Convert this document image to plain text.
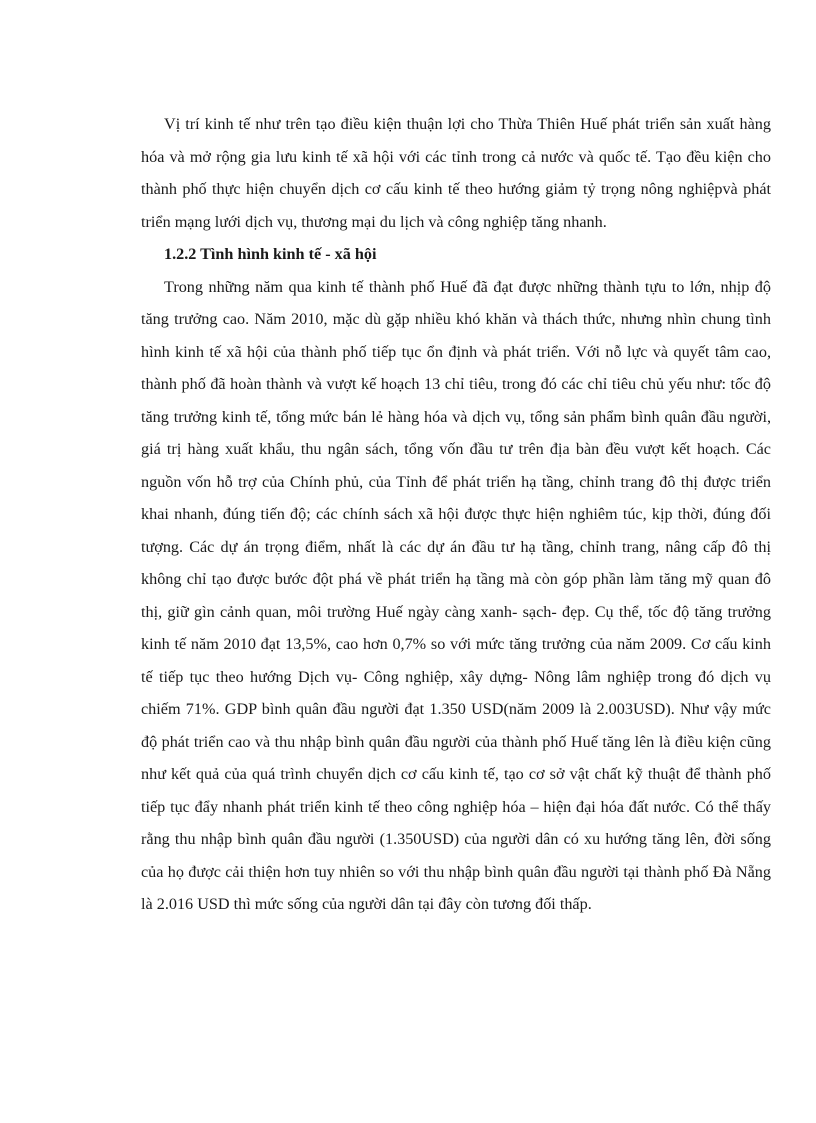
Vị trí kinh tế như trên tạo điều kiện thuận lợi cho Thừa Thiên Huế phát triển sản xuất hàng hóa và mở rộng gia lưu kinh tế xã hội với các tỉnh trong cả nước và quốc tế. Tạo đều kiện cho thành phố thực hiện chuyển dịch cơ cấu kinh tế theo hướng giảm tỷ trọng nông nghiệpvà phát triển mạng lưới dịch vụ, thương mại du lịch và công nghiệp tăng nhanh.

1.2.2 Tình hình kinh tế - xã hội

Trong những năm qua kinh tế thành phố Huế đã đạt được những thành tựu to lớn, nhịp độ tăng trưởng cao. Năm 2010, mặc dù gặp nhiều khó khăn và thách thức, nhưng nhìn chung tình hình kinh tế xã hội của thành phố tiếp tục ổn định và phát triển. Với nỗ lực và quyết tâm cao, thành phố đã hoàn thành và vượt kế hoạch 13 chỉ tiêu, trong đó các chỉ tiêu chủ yếu như: tốc độ tăng trưởng kinh tế, tổng mức bán lẻ hàng hóa và dịch vụ, tổng sản phẩm bình quân đầu người, giá trị hàng xuất khẩu, thu ngân sách, tổng vốn đầu tư trên địa bàn đều vượt kết hoạch. Các nguồn vốn hỗ trợ của Chính phủ, của Tỉnh để phát triển hạ tầng, chỉnh trang đô thị được triển khai nhanh, đúng tiến độ; các chính sách xã hội được thực hiện nghiêm túc, kịp thời, đúng đối tượng. Các dự án trọng điểm, nhất là các dự án đầu tư hạ tầng, chỉnh trang, nâng cấp đô thị không chỉ tạo được bước đột phá về phát triển hạ tầng mà còn góp phần làm tăng mỹ quan đô thị, giữ gìn cảnh quan, môi trường Huế ngày càng xanh- sạch- đẹp. Cụ thể, tốc độ tăng trưởng kinh tế năm 2010 đạt 13,5%, cao hơn 0,7% so với mức tăng trưởng của năm 2009. Cơ cấu kinh tế tiếp tục theo hướng Dịch vụ- Công nghiệp, xây dựng- Nông lâm nghiệp trong đó dịch vụ chiếm 71%. GDP bình quân đầu người đạt 1.350 USD(năm 2009 là 2.003USD). Như vậy mức độ phát triển cao và thu nhập bình quân đầu người của thành phố Huế tăng lên là điều kiện cũng như kết quả của quá trình chuyển dịch cơ cấu kinh tế, tạo cơ sở vật chất kỹ thuật để thành phố tiếp tục đẩy nhanh phát triển kinh tế theo công nghiệp hóa – hiện đại hóa đất nước. Có thể thấy rằng thu nhập bình quân đầu người (1.350USD) của người dân có xu hướng tăng lên, đời sống của họ được cải thiện hơn tuy nhiên so với thu nhập bình quân đầu người tại thành phố Đà Nẵng là 2.016 USD thì mức sống của người dân tại đây còn tương đối thấp.
